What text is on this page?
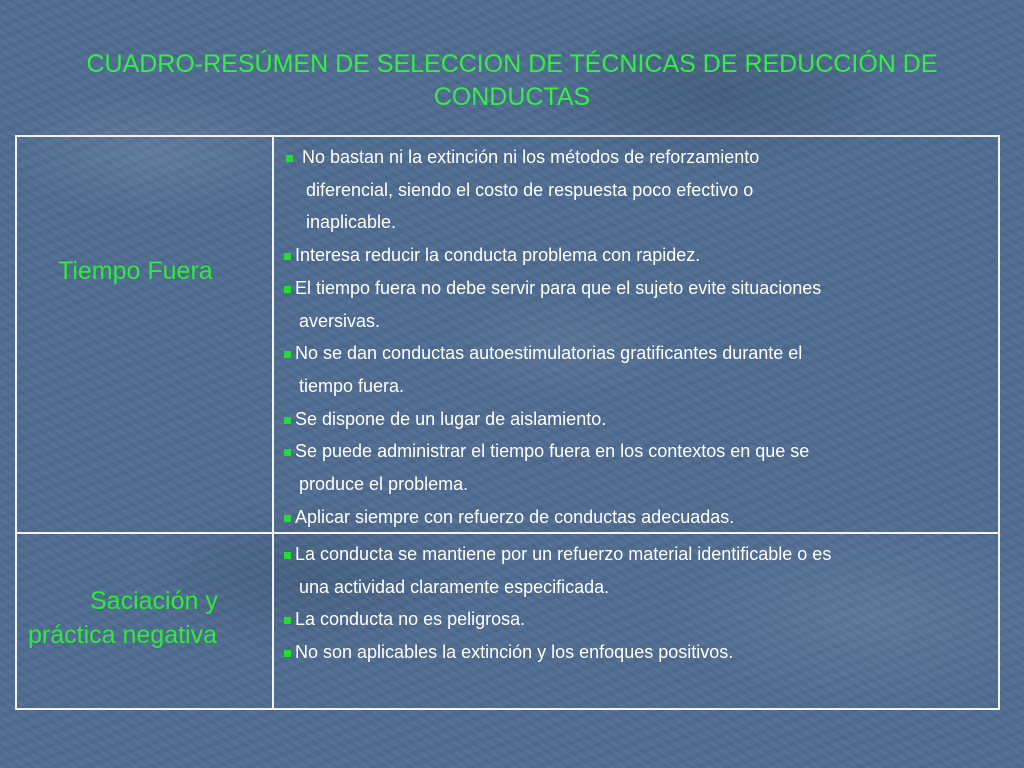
CUADRO-RESÚMEN DE SELECCION DE TÉCNICAS DE REDUCCIÓN DE CONDUCTAS
Tiempo Fuera
No bastan ni la extinción ni los métodos de reforzamiento
diferencial, siendo el costo de respuesta poco efectivo o
inaplicable.
Interesa reducir la conducta problema con rapidez.
El tiempo fuera no debe servir para que el sujeto evite situaciones
aversivas.
No se dan conductas autoestimulatorias gratificantes durante el
tiempo fuera.
Se dispone de un lugar de aislamiento.
Se puede administrar el tiempo fuera en los contextos en que se
produce el problema.
Aplicar siempre con refuerzo de conductas adecuadas.
Saciación y
práctica negativa
La conducta se mantiene por un refuerzo material identificable o es
una actividad claramente especificada.
La conducta no es peligrosa.
No son aplicables la extinción y los enfoques positivos.
